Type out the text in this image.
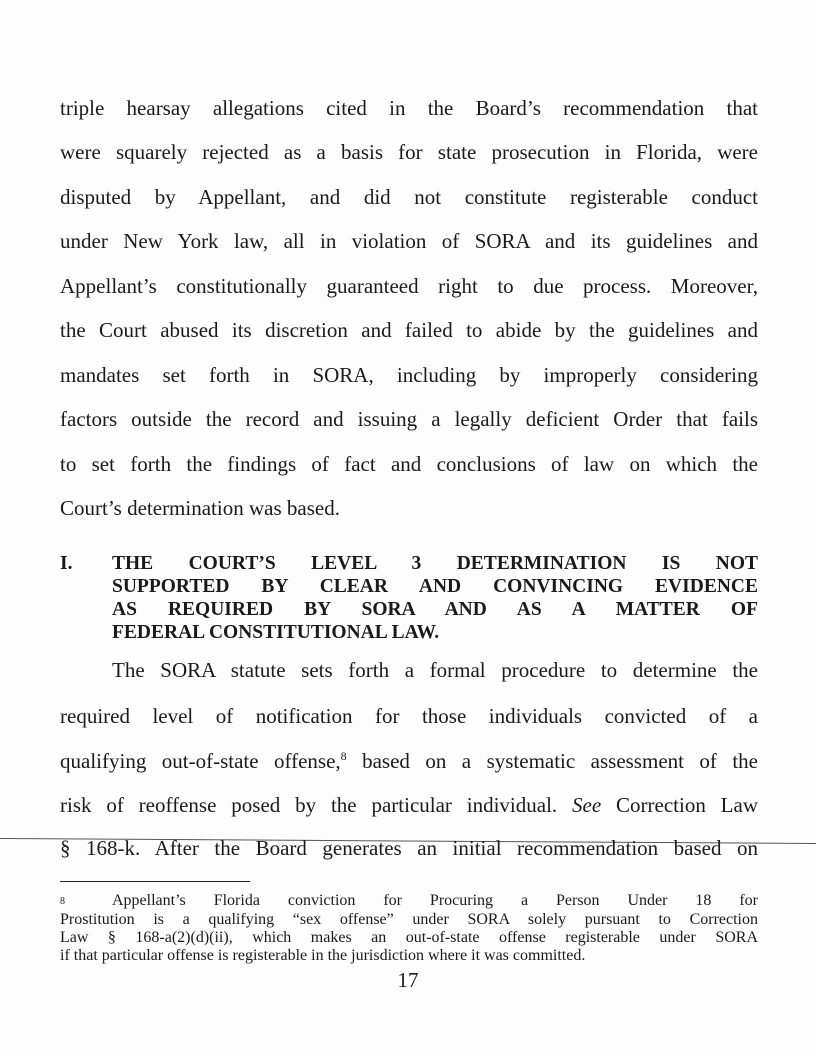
triple hearsay allegations cited in the Board’s recommendation that
were squarely rejected as a basis for state prosecution in Florida, were
disputed by Appellant, and did not constitute registerable conduct
under New York law, all in violation of SORA and its guidelines and
Appellant’s constitutionally guaranteed right to due process. Moreover,
the Court abused its discretion and failed to abide by the guidelines and
mandates set forth in SORA, including by improperly considering
factors outside the record and issuing a legally deficient Order that fails
to set forth the findings of fact and conclusions of law on which the
Court’s determination was based.
I. THE COURT’S LEVEL 3 DETERMINATION IS NOT
SUPPORTED BY CLEAR AND CONVINCING EVIDENCE
AS REQUIRED BY SORA AND AS A MATTER OF
FEDERAL CONSTITUTIONAL LAW.
The SORA statute sets forth a formal procedure to determine the
required level of notification for those individuals convicted of a
qualifying out-of-state offense,$^8$ based on a systematic assessment of the
risk of reoffense posed by the particular individual. See Correction Law
§ 168-k. After the Board generates an initial recommendation based on
8	Appellant’s Florida conviction for Procuring a Person Under 18 for
Prostitution is a qualifying “sex offense” under SORA solely pursuant to Correction
Law § 168-a(2)(d)(ii), which makes an out-of-state offense registerable under SORA
if that particular offense is registerable in the jurisdiction where it was committed.
17
